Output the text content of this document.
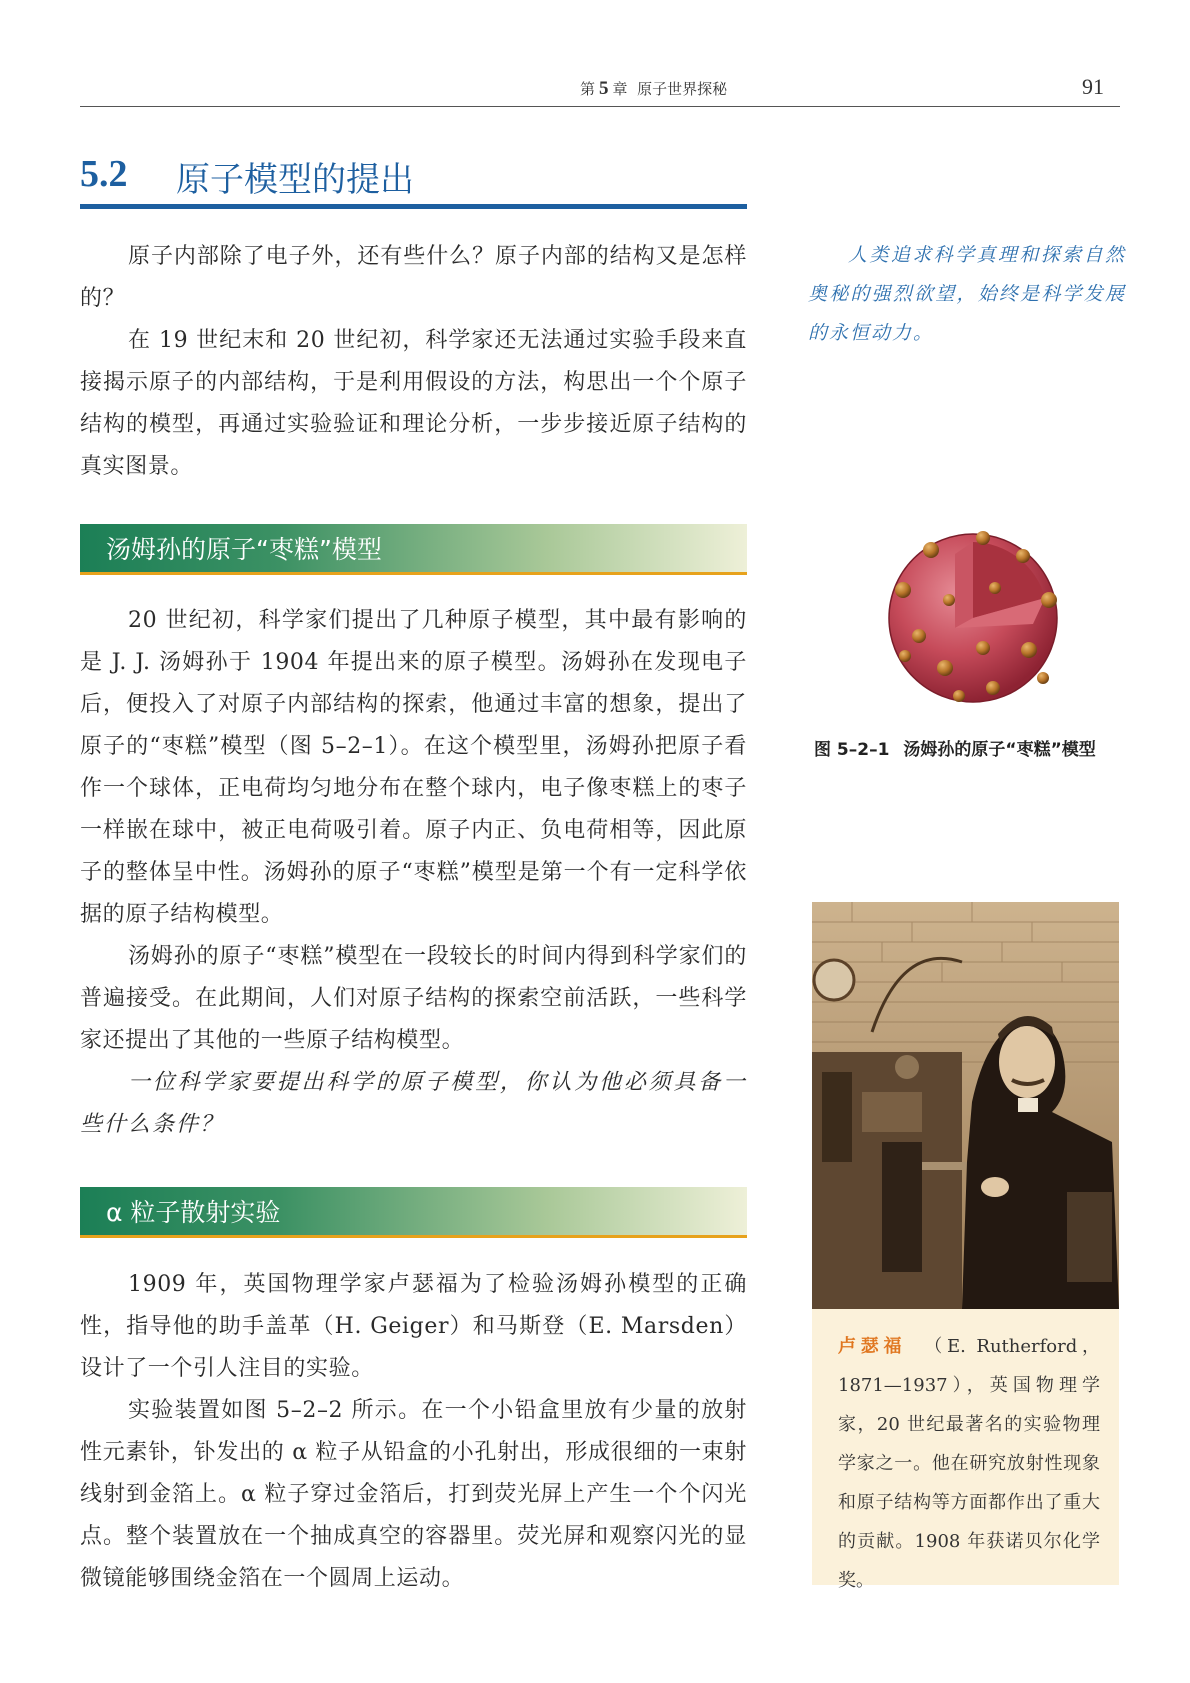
第 5 章 原子世界探秘	91
5.2 原子模型的提出

原子内部除了电子外，还有些什么？原子内部的结构又是怎样的？

在 19 世纪末和 20 世纪初，科学家还无法通过实验手段来直接揭示原子的内部结构，于是利用假设的方法，构思出一个个原子结构的模型，再通过实验验证和理论分析，一步步接近原子结构的真实图景。

人类追求科学真理和探索自然奥秘的强烈欲望，始终是科学发展的永恒动力。

汤姆孙的原子“枣糕”模型

20 世纪初，科学家们提出了几种原子模型，其中最有影响的是 J. J. 汤姆孙于 1904 年提出来的原子模型。汤姆孙在发现电子后，便投入了对原子内部结构的探索，他通过丰富的想象，提出了原子的“枣糕”模型（图 5–2–1）。在这个模型里，汤姆孙把原子看作一个球体，正电荷均匀地分布在整个球内，电子像枣糕上的枣子一样嵌在球中，被正电荷吸引着。原子内正、负电荷相等，因此原子的整体呈中性。汤姆孙的原子“枣糕”模型是第一个有一定科学依据的原子结构模型。

汤姆孙的原子“枣糕”模型在一段较长的时间内得到科学家们的普遍接受。在此期间，人们对原子结构的探索空前活跃，一些科学家还提出了其他的一些原子结构模型。

一位科学家要提出科学的原子模型，你认为他必须具备一些什么条件？

图 5–2–1 汤姆孙的原子“枣糕”模型
卢瑟福 （E. Rutherford，1871—1937），英国物理学家，20 世纪最著名的实验物理学家之一。他在研究放射性现象和原子结构等方面都作出了重大的贡献。1908 年获诺贝尔化学奖。
α 粒子散射实验

1909 年，英国物理学家卢瑟福为了检验汤姆孙模型的正确性，指导他的助手盖革（H. Geiger）和马斯登（E. Marsden）设计了一个引人注目的实验。

实验装置如图 5–2–2 所示。在一个小铅盒里放有少量的放射性元素钋，钋发出的 α 粒子从铅盒的小孔射出，形成很细的一束射线射到金箔上。α 粒子穿过金箔后，打到荧光屏上产生一个个闪光点。整个装置放在一个抽成真空的容器里。荧光屏和观察闪光的显微镜能够围绕金箔在一个圆周上运动。
